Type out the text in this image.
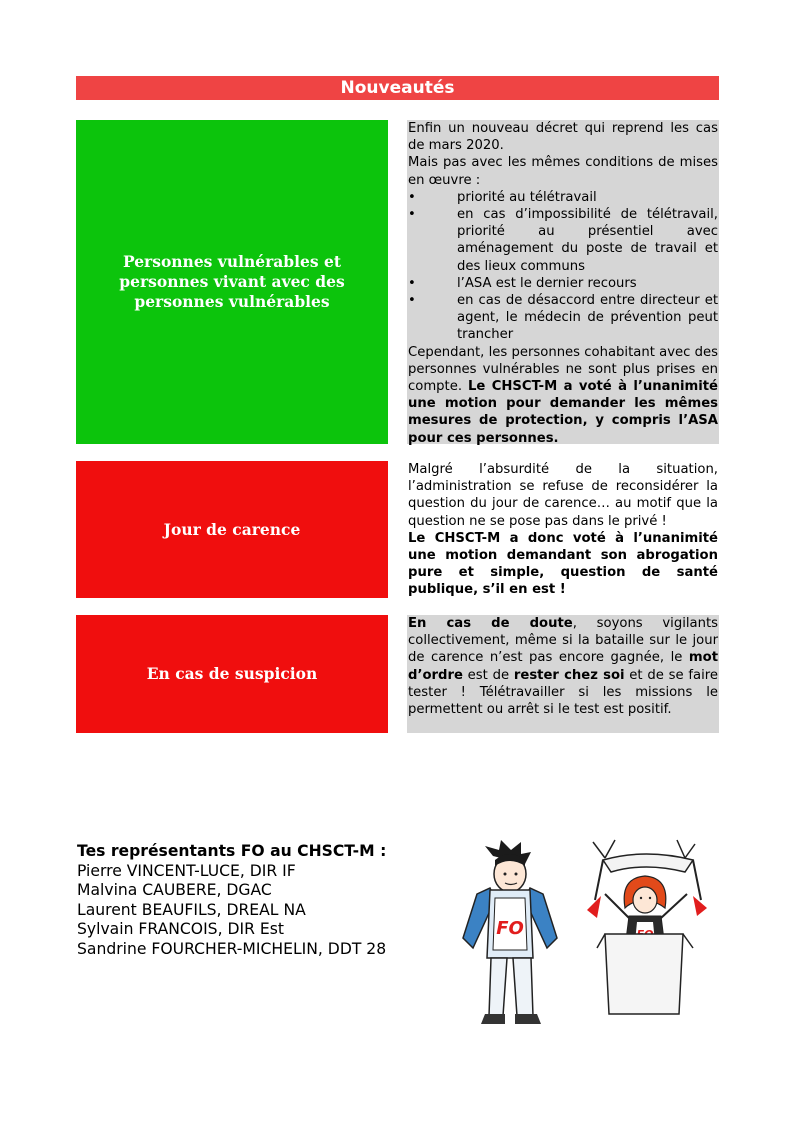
Nouveautés
Personnes vulnérables et personnes vivant avec des personnes vulnérables

Enfin un nouveau décret qui reprend les cas de mars 2020.

Mais pas avec les mêmes conditions de mises en œuvre :

• priorité au télétravail
• en cas d’impossibilité de télétravail, priorité au présentiel avec aménagement du poste de travail et des lieux communs
• l’ASA est le dernier recours
• en cas de désaccord entre directeur et agent, le médecin de prévention peut trancher

Cependant, les personnes cohabitant avec des personnes vulnérables ne sont plus prises en compte. Le CHSCT-M a voté à l’unanimité une motion pour demander les mêmes mesures de protection, y compris l’ASA pour ces personnes.

Jour de carence

Malgré l’absurdité de la situation, l’administration se refuse de reconsidérer la question du jour de carence… au motif que la question ne se pose pas dans le privé !

Le CHSCT-M a donc voté à l’unanimité une motion demandant son abrogation pure et simple, question de santé publique, s’il en est !

En cas de suspicion

En cas de doute, soyons vigilants collectivement, même si la bataille sur le jour de carence n’est pas encore gagnée, le mot d’ordre est de rester chez soi et de se faire tester ! Télétravailler si les missions le permettent ou arrêt si le test est positif.

Tes représentants FO au CHSCT-M :
Pierre VINCENT-LUCE, DIR IF
Malvina CAUBERE, DGAC
Laurent BEAUFILS, DREAL NA
Sylvain FRANCOIS, DIR Est
Sandrine FOURCHER-MICHELIN, DDT 28
FO
